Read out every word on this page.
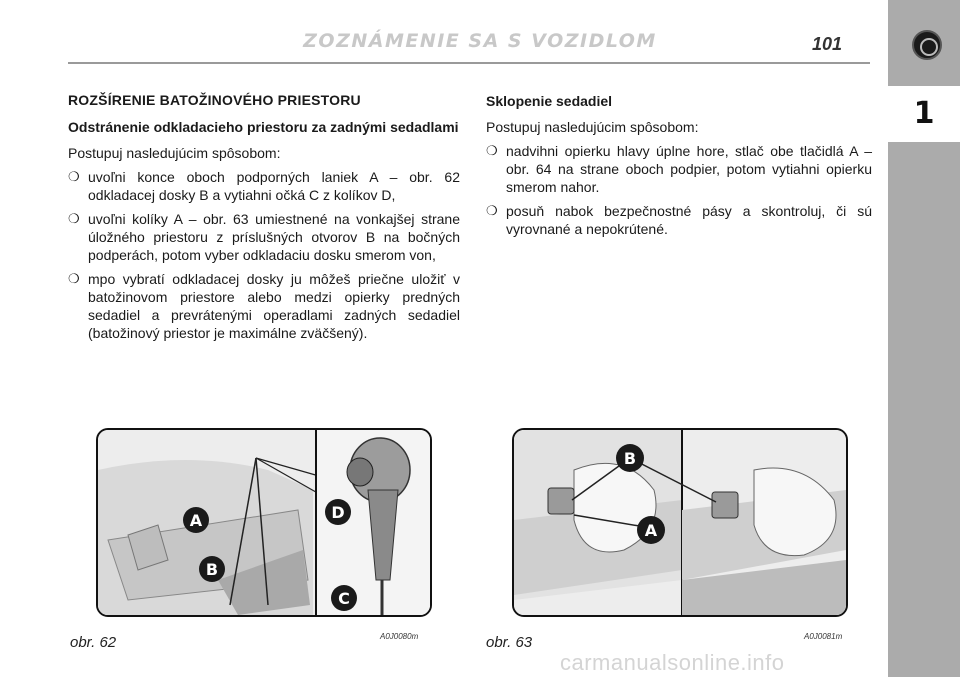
ZOZNÁMENIE SA S VOZIDLOM	101
1
ROZŠÍRENIE BATOŽINOVÉHO PRIESTORU
Odstránenie odkladacieho priestoru za zadnými sedadlami
Postupuj nasledujúcim spôsobom:
❍ uvoľni konce oboch podporných laniek A – obr. 62 odkladacej dosky B a vytiahni očká C z kolíkov D,
❍ uvoľni kolíky A – obr. 63 umiestnené na vonkajšej strane úložného priestoru z príslušných otvorov B na bočných podperách, potom vyber odkladaciu dosku smerom von,
❍ mpo vybratí odkladacej dosky ju môžeš priečne uložiť v batožinovom priestore alebo medzi opierky predných sedadiel a prevrátenými operadlami zadných sedadiel (batožinový priestor je maximálne zväčšený).
Sklopenie sedadiel
Postupuj nasledujúcim spôsobom:
❍ nadvihni opierku hlavy úplne hore, stlač obe tlačidlá A – obr. 64 na strane oboch podpier, potom vytiahni opierku smerom nahor.
❍ posuň nabok bezpečnostné pásy a skontroluj, či sú vyrovnané a nepokrútené.
A
B
D
C
obr. 62	A0J0080m
B
A
obr. 63	A0J0081m
carmanualsonline.info
